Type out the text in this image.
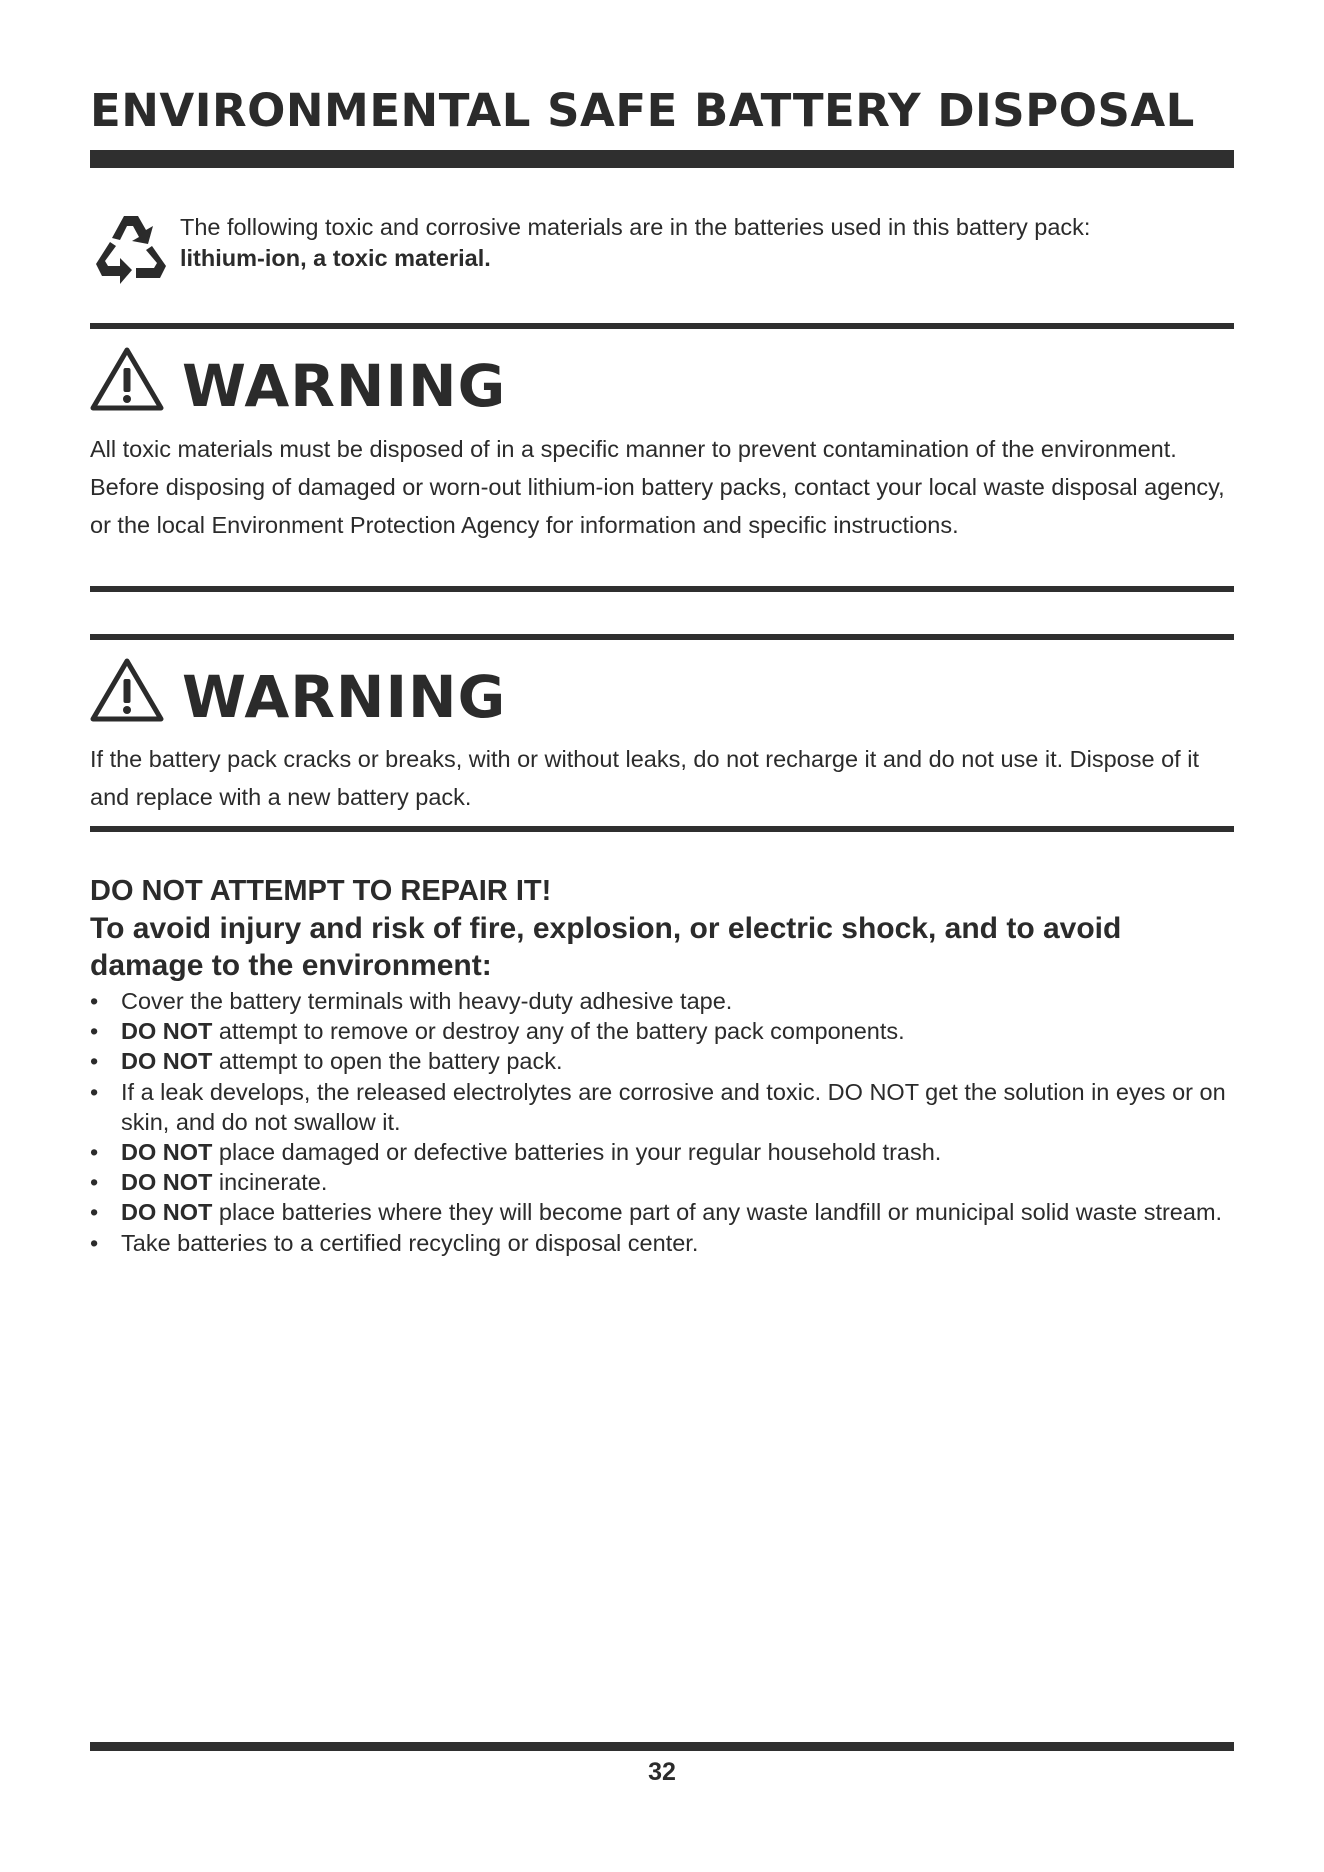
ENVIRONMENTAL SAFE BATTERY DISPOSAL
The following toxic and corrosive materials are in the batteries used in this battery pack:
lithium-ion, a toxic material.
WARNING

All toxic materials must be disposed of in a specific manner to prevent contamination of the environment. Before disposing of damaged or worn-out lithium-ion battery packs, contact your local waste disposal agency, or the local Environment Protection Agency for information and specific instructions.

WARNING

If the battery pack cracks or breaks, with or without leaks, do not recharge it and do not use it. Dispose of it and replace with a new battery pack.

DO NOT ATTEMPT TO REPAIR IT!
To avoid injury and risk of fire, explosion, or electric shock, and to avoid damage to the environment:
• Cover the battery terminals with heavy-duty adhesive tape.
• DO NOT attempt to remove or destroy any of the battery pack components.
• DO NOT attempt to open the battery pack.
• If a leak develops, the released electrolytes are corrosive and toxic. DO NOT get the solution in eyes or on skin, and do not swallow it.
• DO NOT place damaged or defective batteries in your regular household trash.
• DO NOT incinerate.
• DO NOT place batteries where they will become part of any waste landfill or municipal solid waste stream.
• Take batteries to a certified recycling or disposal center.
32
